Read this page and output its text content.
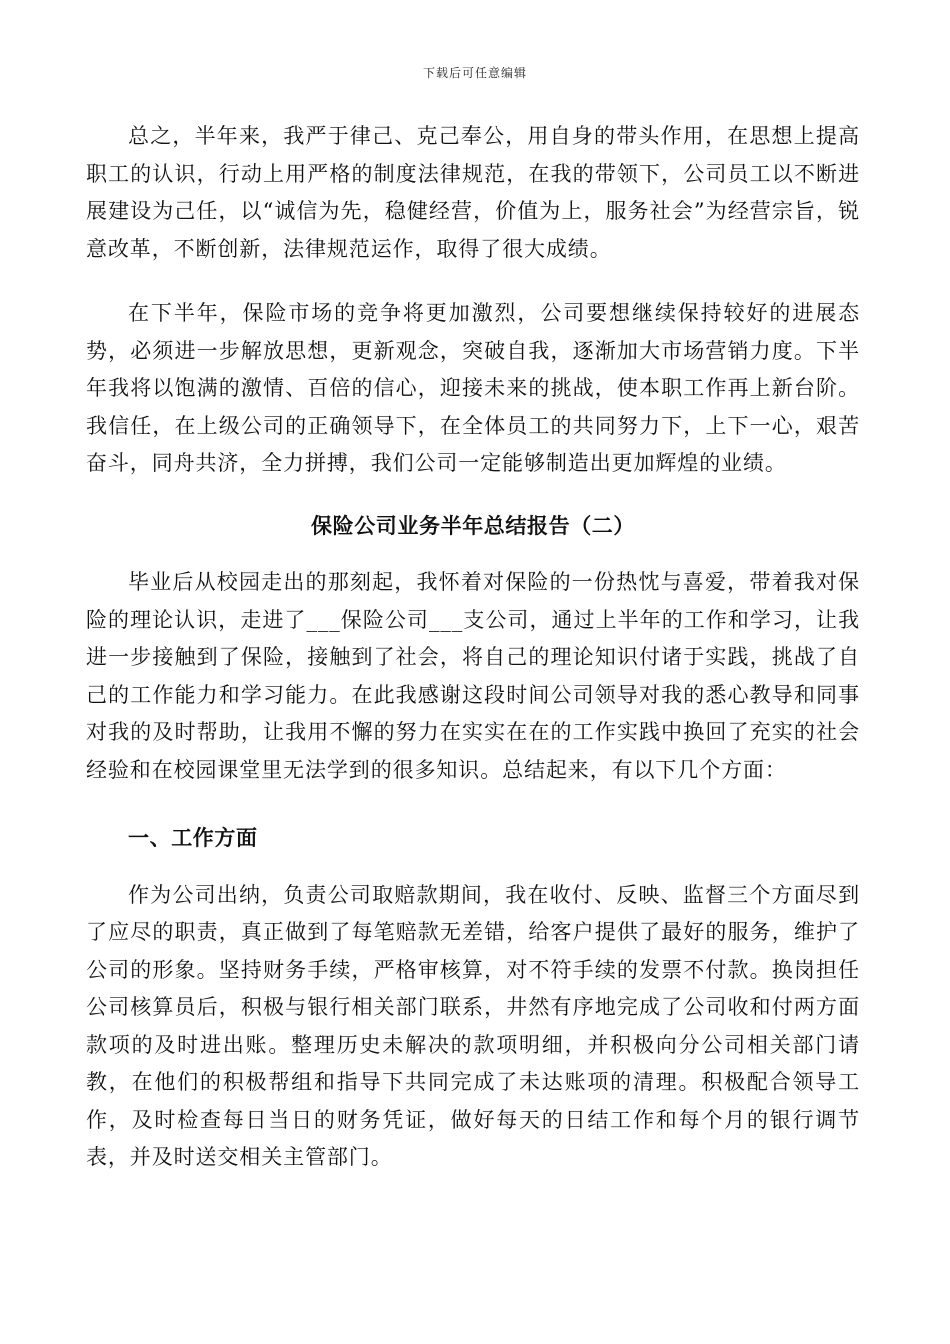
下载后可任意编辑

总之，半年来，我严于律己、克己奉公，用自身的带头作用，在思想上提高职工的认识，行动上用严格的制度法律规范，在我的带领下，公司员工以不断进展建设为己任，以“诚信为先，稳健经营，价值为上，服务社会”为经营宗旨，锐意改革，不断创新，法律规范运作，取得了很大成绩。

在下半年，保险市场的竞争将更加激烈，公司要想继续保持较好的进展态势，必须进一步解放思想，更新观念，突破自我，逐渐加大市场营销力度。下半年我将以饱满的激情、百倍的信心，迎接未来的挑战，使本职工作再上新台阶。我信任，在上级公司的正确领导下，在全体员工的共同努力下，上下一心，艰苦奋斗，同舟共济，全力拼搏，我们公司一定能够制造出更加辉煌的业绩。

保险公司业务半年总结报告（二）

毕业后从校园走出的那刻起，我怀着对保险的一份热忱与喜爱，带着我对保险的理论认识，走进了___保险公司___支公司，通过上半年的工作和学习，让我进一步接触到了保险，接触到了社会，将自己的理论知识付诸于实践，挑战了自己的工作能力和学习能力。在此我感谢这段时间公司领导对我的悉心教导和同事对我的及时帮助，让我用不懈的努力在实实在在的工作实践中换回了充实的社会经验和在校园课堂里无法学到的很多知识。总结起来，有以下几个方面：

一、工作方面

作为公司出纳，负责公司取赔款期间，我在收付、反映、监督三个方面尽到了应尽的职责，真正做到了每笔赔款无差错，给客户提供了最好的服务，维护了公司的形象。坚持财务手续，严格审核算，对不符手续的发票不付款。换岗担任公司核算员后，积极与银行相关部门联系，井然有序地完成了公司收和付两方面款项的及时进出账。整理历史未解决的款项明细，并积极向分公司相关部门请教，在他们的积极帮组和指导下共同完成了未达账项的清理。积极配合领导工作，及时检查每日当日的财务凭证，做好每天的日结工作和每个月的银行调节表，并及时送交相关主管部门。
